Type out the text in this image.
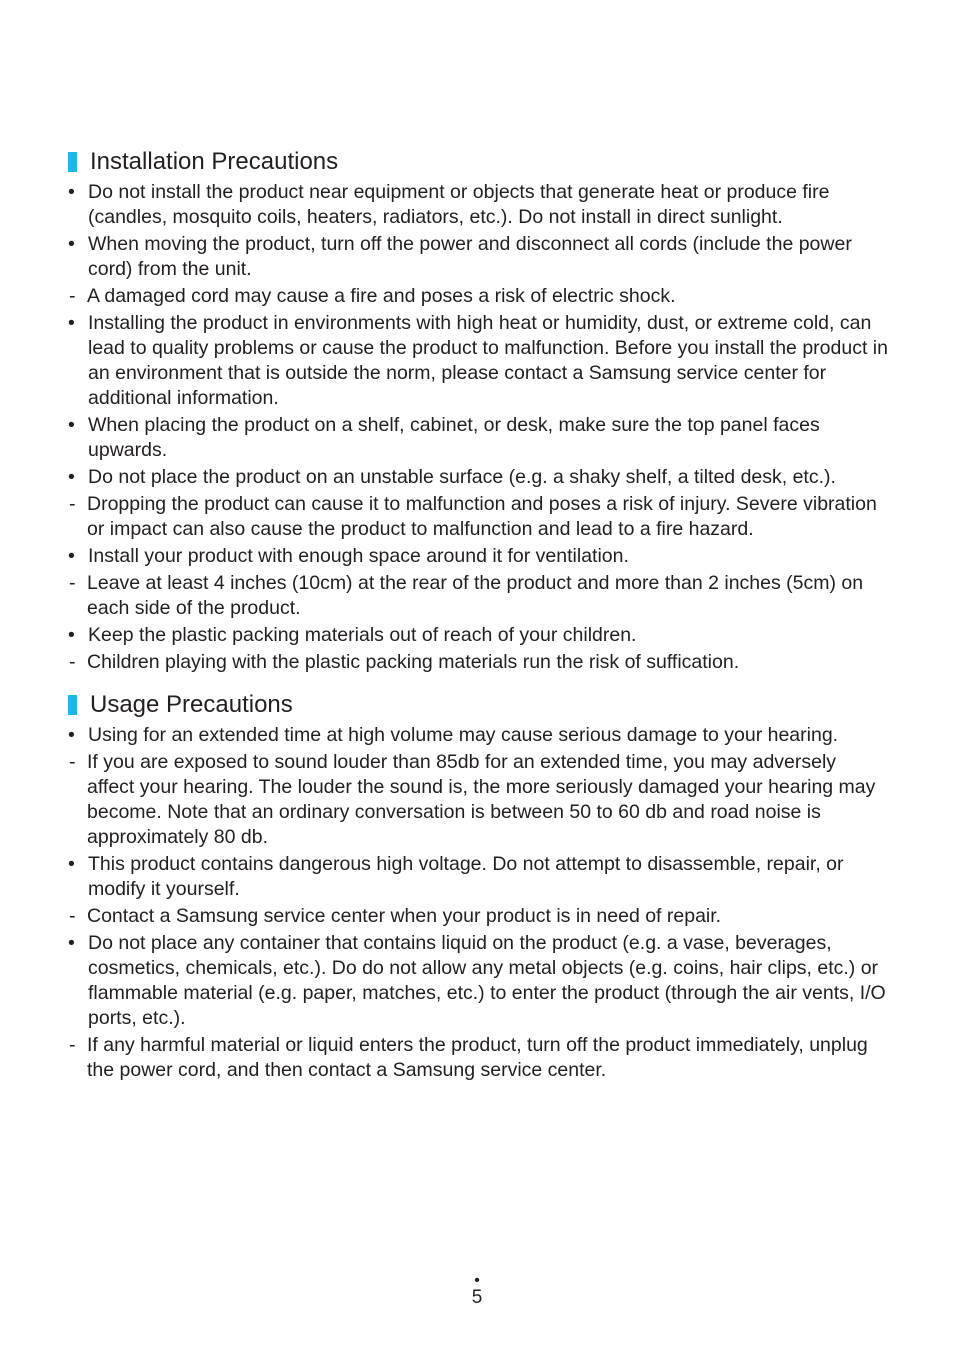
Installation Precautions
• Do not install the product near equipment or objects that generate heat or produce fire (candles, mosquito coils, heaters, radiators, etc.). Do not install in direct sunlight.
• When moving the product, turn off the power and disconnect all cords (include the power cord) from the unit.
- A damaged cord may cause a fire and poses a risk of electric shock.
• Installing the product in environments with high heat or humidity, dust, or extreme cold, can lead to quality problems or cause the product to malfunction. Before you install the product in an environment that is outside the norm, please contact a Samsung service center for additional information.
• When placing the product on a shelf, cabinet, or desk, make sure the top panel faces upwards.
• Do not place the product on an unstable surface (e.g. a shaky shelf, a tilted desk, etc.).
- Dropping the product can cause it to malfunction and poses a risk of injury. Severe vibration or impact can also cause the product to malfunction and lead to a fire hazard.
• Install your product with enough space around it for ventilation.
- Leave at least 4 inches (10cm) at the rear of the product and more than 2 inches (5cm) on each side of the product.
• Keep the plastic packing materials out of reach of your children.
- Children playing with the plastic packing materials run the risk of suffication.
Usage Precautions
• Using for an extended time at high volume may cause serious damage to your hearing.
- If you are exposed to sound louder than 85db for an extended time, you may adversely affect your hearing. The louder the sound is, the more seriously damaged your hearing may become. Note that an ordinary conversation is between 50 to 60 db and road noise is approximately 80 db.
• This product contains dangerous high voltage. Do not attempt to disassemble, repair, or modify it yourself.
- Contact a Samsung service center when your product is in need of repair.
• Do not place any container that contains liquid on the product (e.g. a vase, beverages, cosmetics, chemicals, etc.). Do do not allow any metal objects (e.g. coins, hair clips, etc.) or flammable material (e.g. paper, matches, etc.) to enter the product (through the air vents, I/O ports, etc.).
- If any harmful material or liquid enters the product, turn off the product immediately, unplug the power cord, and then contact a Samsung service center.
•
5
